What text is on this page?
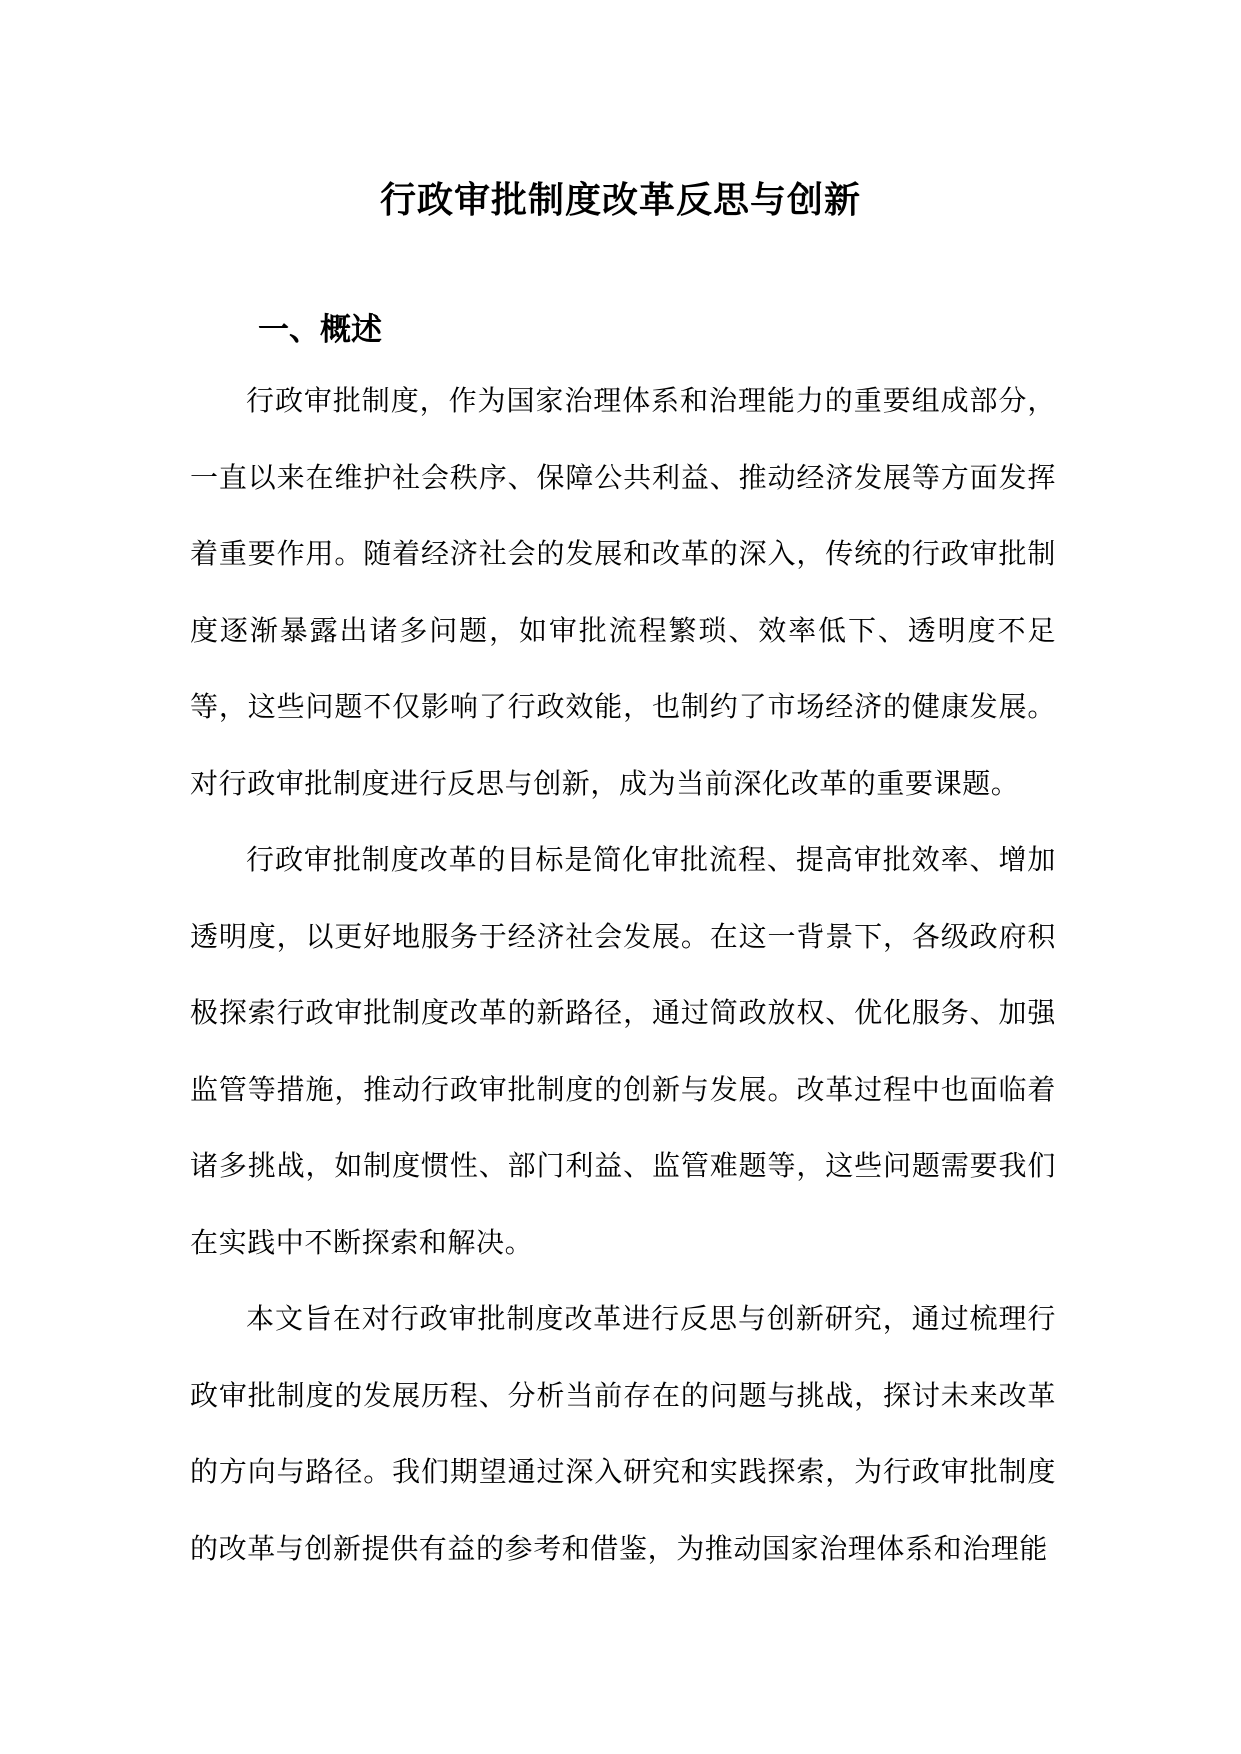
行政审批制度改革反思与创新
一、概述

行政审批制度，作为国家治理体系和治理能力的重要组成部分，一直以来在维护社会秩序、保障公共利益、推动经济发展等方面发挥着重要作用。随着经济社会的发展和改革的深入，传统的行政审批制度逐渐暴露出诸多问题，如审批流程繁琐、效率低下、透明度不足等，这些问题不仅影响了行政效能，也制约了市场经济的健康发展。对行政审批制度进行反思与创新，成为当前深化改革的重要课题。

行政审批制度改革的目标是简化审批流程、提高审批效率、增加透明度，以更好地服务于经济社会发展。在这一背景下，各级政府积极探索行政审批制度改革的新路径，通过简政放权、优化服务、加强监管等措施，推动行政审批制度的创新与发展。改革过程中也面临着诸多挑战，如制度惯性、部门利益、监管难题等，这些问题需要我们在实践中不断探索和解决。

本文旨在对行政审批制度改革进行反思与创新研究，通过梳理行政审批制度的发展历程、分析当前存在的问题与挑战，探讨未来改革的方向与路径。我们期望通过深入研究和实践探索，为行政审批制度的改革与创新提供有益的参考和借鉴，为推动国家治理体系和治理能
